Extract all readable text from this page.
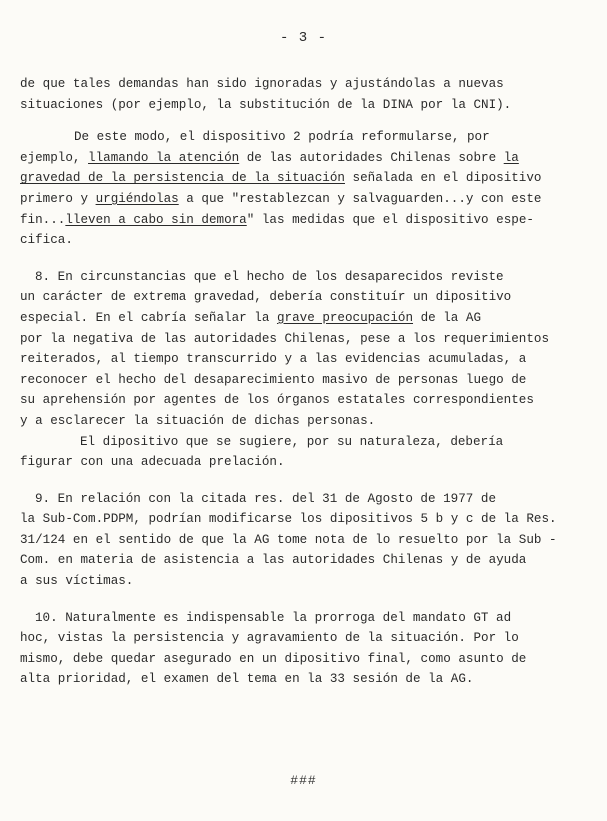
- 3 -
de que tales demandas han sido ignoradas y ajustándolas a nuevas
situaciones (por ejemplo, la substitución de la DINA por la CNI).
De este modo, el dispositivo 2 podría reformularse, por
ejemplo, llamando la atención de las autoridades Chilenas sobre la
gravedad de la persistencia de la situación señalada en el dipositivo
primero y urgiéndolas a que "restablezcan y salvaguarden...y con este
fin...lleven a cabo sin demora" las medidas que el dispositivo espe-
cifica.
8. En circunstancias que el hecho de los desaparecidos reviste
un carácter de extrema gravedad, debería constituír un dipositivo
especial. En el cabría señalar la grave preocupación de la AG
por la negativa de las autoridades Chilenas, pese a los requerimientos
reiterados, al tiempo transcurrido y a las evidencias acumuladas, a
reconocer el hecho del desaparecimiento masivo de personas luego de
su aprehensión por agentes de los órganos estatales correspondientes
y a esclarecer la situación de dichas personas.
El dipositivo que se sugiere, por su naturaleza, debería
figurar con una adecuada prelación.
9. En relación con la citada res. del 31 de Agosto de 1977 de
la Sub-Com.PDPM, podrían modificarse los dipositivos 5 b y c de la Res.
31/124 en el sentido de que la AG tome nota de lo resuelto por la Sub -
Com. en materia de asistencia a las autoridades Chilenas y de ayuda
a sus víctimas.
10. Naturalmente es indispensable la prorroga del mandato GT ad
hoc, vistas la persistencia y agravamiento de la situación. Por lo
mismo, debe quedar asegurado en un dipositivo final, como asunto de
alta prioridad, el examen del tema en la 33 sesión de la AG.
###
